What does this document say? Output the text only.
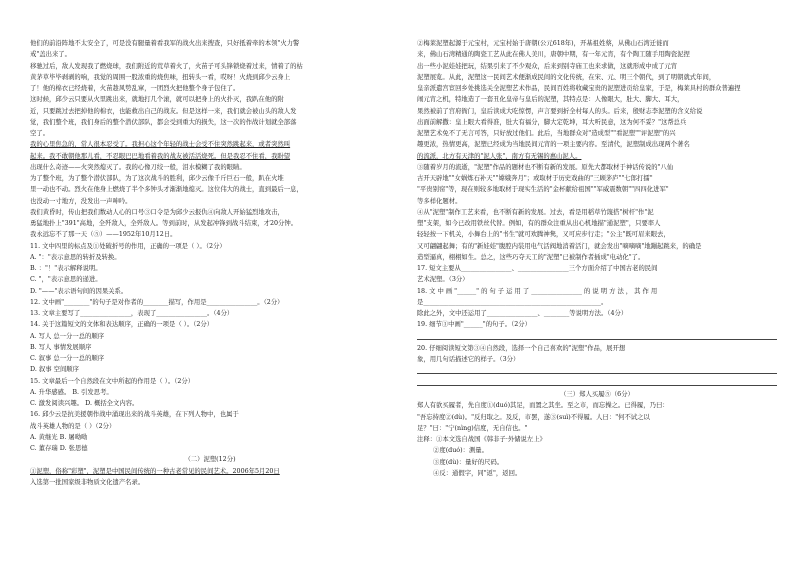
他们的前沿阵地不太安全了，可是没有腿量着看我军的战火出来搜查，只好抵着牵的本领"火力警
戒"盖出来了。
移驰过后，敌人发现我了燃烧球，我们附近的荒草着火了，火苗子可头锋锁烧着过来，情着了的枯
黄茅草毕毕剥剥的响，我觉的周围一股浓重的烧焦味，扭转头一看，哎呀！火烧到邱少云身上
了！他的棉衣已经烧着，火苗趁风势乱窜，一团烈火把他整个身子包住了。
这时候，邱少云只要从火里跳出来，就地打几个滚，就可以把身上的火扑灭，我趴在他的附
近，只要跳过去把掉他的棉衣，也能救出自己的战友。但是这样一来，我们就会被山头的敌人发
觉，我们整个班，我们身后的整个潜伏部队，都会受到重大的损失，这一次的作战计划就全部落
空了。
我的心里焦急的，常人很本忍受了。我担心这个年轻的战士会受不住突然跳起来，或者突然叫
起来。我不敢朝他那儿看，不忍眼巴巴地看着我的战友被活活烧死。但是我忍不住看，我盼望
出现什么奇迹——火突然熄灭了。我的心像刀绞一般，泪水模糊了我的眼睛。
为了整个班，为了整个潜伏部队，为了这次战斗的胜利，邱少云像千斤巨石一般，趴在火堆
里一动也不动。烈火在他身上燃烧了半个多钟头才渐渐地熄灭。这位伟大的战士，直到最后一息，
也没动一寸地方，没发出一声呻吟。
我们黄昏时，传山把我们数动人心的口号③口令是为邱少云报仇④向敌人开始猛烈地攻击，
勇猛地扑上"391"高地，全歼敌人，全歼敌人。等到前时，从发起冲锋到战斗结束，才20分钟。
我永远忘不了那一天（⑤）——1952年10月12日。
11. 文中四里的标点及①处破折号的作用，正确的一项是（ ）。（2分）
A. "："表示意思的转折及转换。
B. ："！"表示解释说明。
C. "，"表示意思的递进。
D. "——"表示语句间的因果关系。
12. 文中画"________"的句子是对作者的________描写，作用是________________。（2分）
13. 文章主要写了________________，表现了________________。（4分）
14. 关于这篇短文的文体和表达顺序，正确的一项是（ ）。（2分）
A. 写人 总一分一总的顺序
B. 写人 事情发展顺序
C. 叙事 总一分一总的顺序
D. 叙事 空间顺序
15. 文章最后一个自然段在文中所起的作用是（ ）。（2分）
A. 升华感感。 B. 引发思考。
C. 激发阅读兴趣。 D. 概括全文内容。
16. 邱少云是抗美援朝作战中涌现出来的战斗英雄，在下列人物中，也属于
战斗英雄人物的是（ ）（2分）
A. 黄继光 B. 屠呦呦
C. 董存瑞 D. 张思德
（二）泥塑(12分)
①泥塑，俗称"彩塑"，泥塑是中国民间传统的一种古老常见的民间艺术。2006年5月20日
入选第一批国家级非物质文化遗产名录。
②梅莱泥塑起源于元宝村，元宝村始于唐朝(公元618年)，开基祖姓蔡，从佛山石湾迁徙而
来，佛山石湾精通的陶瓷工艺从此在佛人美川，唐朝中期，有一年元宵，有个陶工随手用陶瓷泥捏
出一些小泥娃娃把玩，结果引来了不少观众，后来到别寺庙工也来求做，这就形成中成了元宵
泥塑展览。从此，泥塑这一民间艺术便渐成民间的文化传统，在宋、元、明三个朝代，到了明朝就式年间，
皇亲派遣宫宦回乡处挑选关全泥塑艺术作品，民间百姓将收藏宝贵的泥塑进贡给皇家，于是，梅莱具村的群众普遍捏
闹元宵之机，特地造了一套丑化皇帝与皇后的泥塑，其特点是：人像眼大，肚大、脚大、耳大，
果然被前了宫府衙门，皇后读成大吃惊愣，声言要到折全村每人的头。后来，殷财志李泥塑的含义给说
出面前解撒：皇上眼大看得准，肚大有福分，脚大定乾坤，耳大听民意，这为何不妥？"这帮总兵
泥塑艺术免不了无言可答，只好放过他们。此后，当地群众对"造成型""看泥塑""评泥塑"的兴
趣更浓，热情更高，泥塑已经成为当地民间元宵的一项主要内容。至清代，泥塑制成出现两个著名
的流派，北方有天津的"泥人张"，南方有无锡的惠山泥人。
③随着岁月的流逝，"泥塑"作品的题材也不断有新的发展。原先大都取材于神话传说的"八仙
古开天辟地""女娲炼石补天""嫦娥奔月"；或取材于历史戏曲的"三顾茅庐""七郎打擂"
"平贵别窑"等，现在则较多地取材于现实生活的"金杯献给祖国""军威震数朝""四四化进军"
等多样化题材。
④从"泥塑"制作工艺来看，也不断有新的发展。过去，看是用稻草竹篾搭"树杆"作"泥
塑"支架，如今已改用铁丝代替。例如，有的群众注重从出心机地描"通泥塑"，只要率人
轻轻按一下机关，小舞台上的"书生"就可欢腾神隽，又可应步行走；"公主"既可眉来眼去，
又可翩翩起舞；有的"新娃娃"腹腔内装用电气活阀地消着活门，就会发出"嘀嘀嘀"地蹦起跳来，的确是
造型逼真，栩栩如生。总之，这些巧夺天工的"泥塑"已被制作者插成"电动化"了。
17. 短文主要从________________、________________三个方面介绍了中国古老的民间
艺术泥塑。（3分）
18. 文 中 画 "______" 的 句 子 运 用 了 ________________ 的 说 明 方 法 ， 其 作 用
是________________________________________________________。
除此之外，文中还运用了________________、________等说明方法。（4分）
19. 细节③中画"______"的句子。（2分）
20. 仔细阅读短文第③④自然段，选择一个自己喜欢的"泥塑"作品，展开想
象，用几句话描述它的样子。（3分）
（三）郑人买履⑤（6分）
郑人有欲买履者，先自度①(duó)其足，而置之其坐。至之市，而忘操之。已得履，乃曰：
"吾忘持度②(dù)。"反归取之。及反，市罢，遂③(suì)不得履。人曰："何不试之以
足？"曰："宁(nìng)信度，无自信也。"
注释：①本文选自战国《韩非子·外储说左上》
②度(duó)：测量。
③度(dù)：量好的尺码。
④反：通假字，同"返"，返回。
